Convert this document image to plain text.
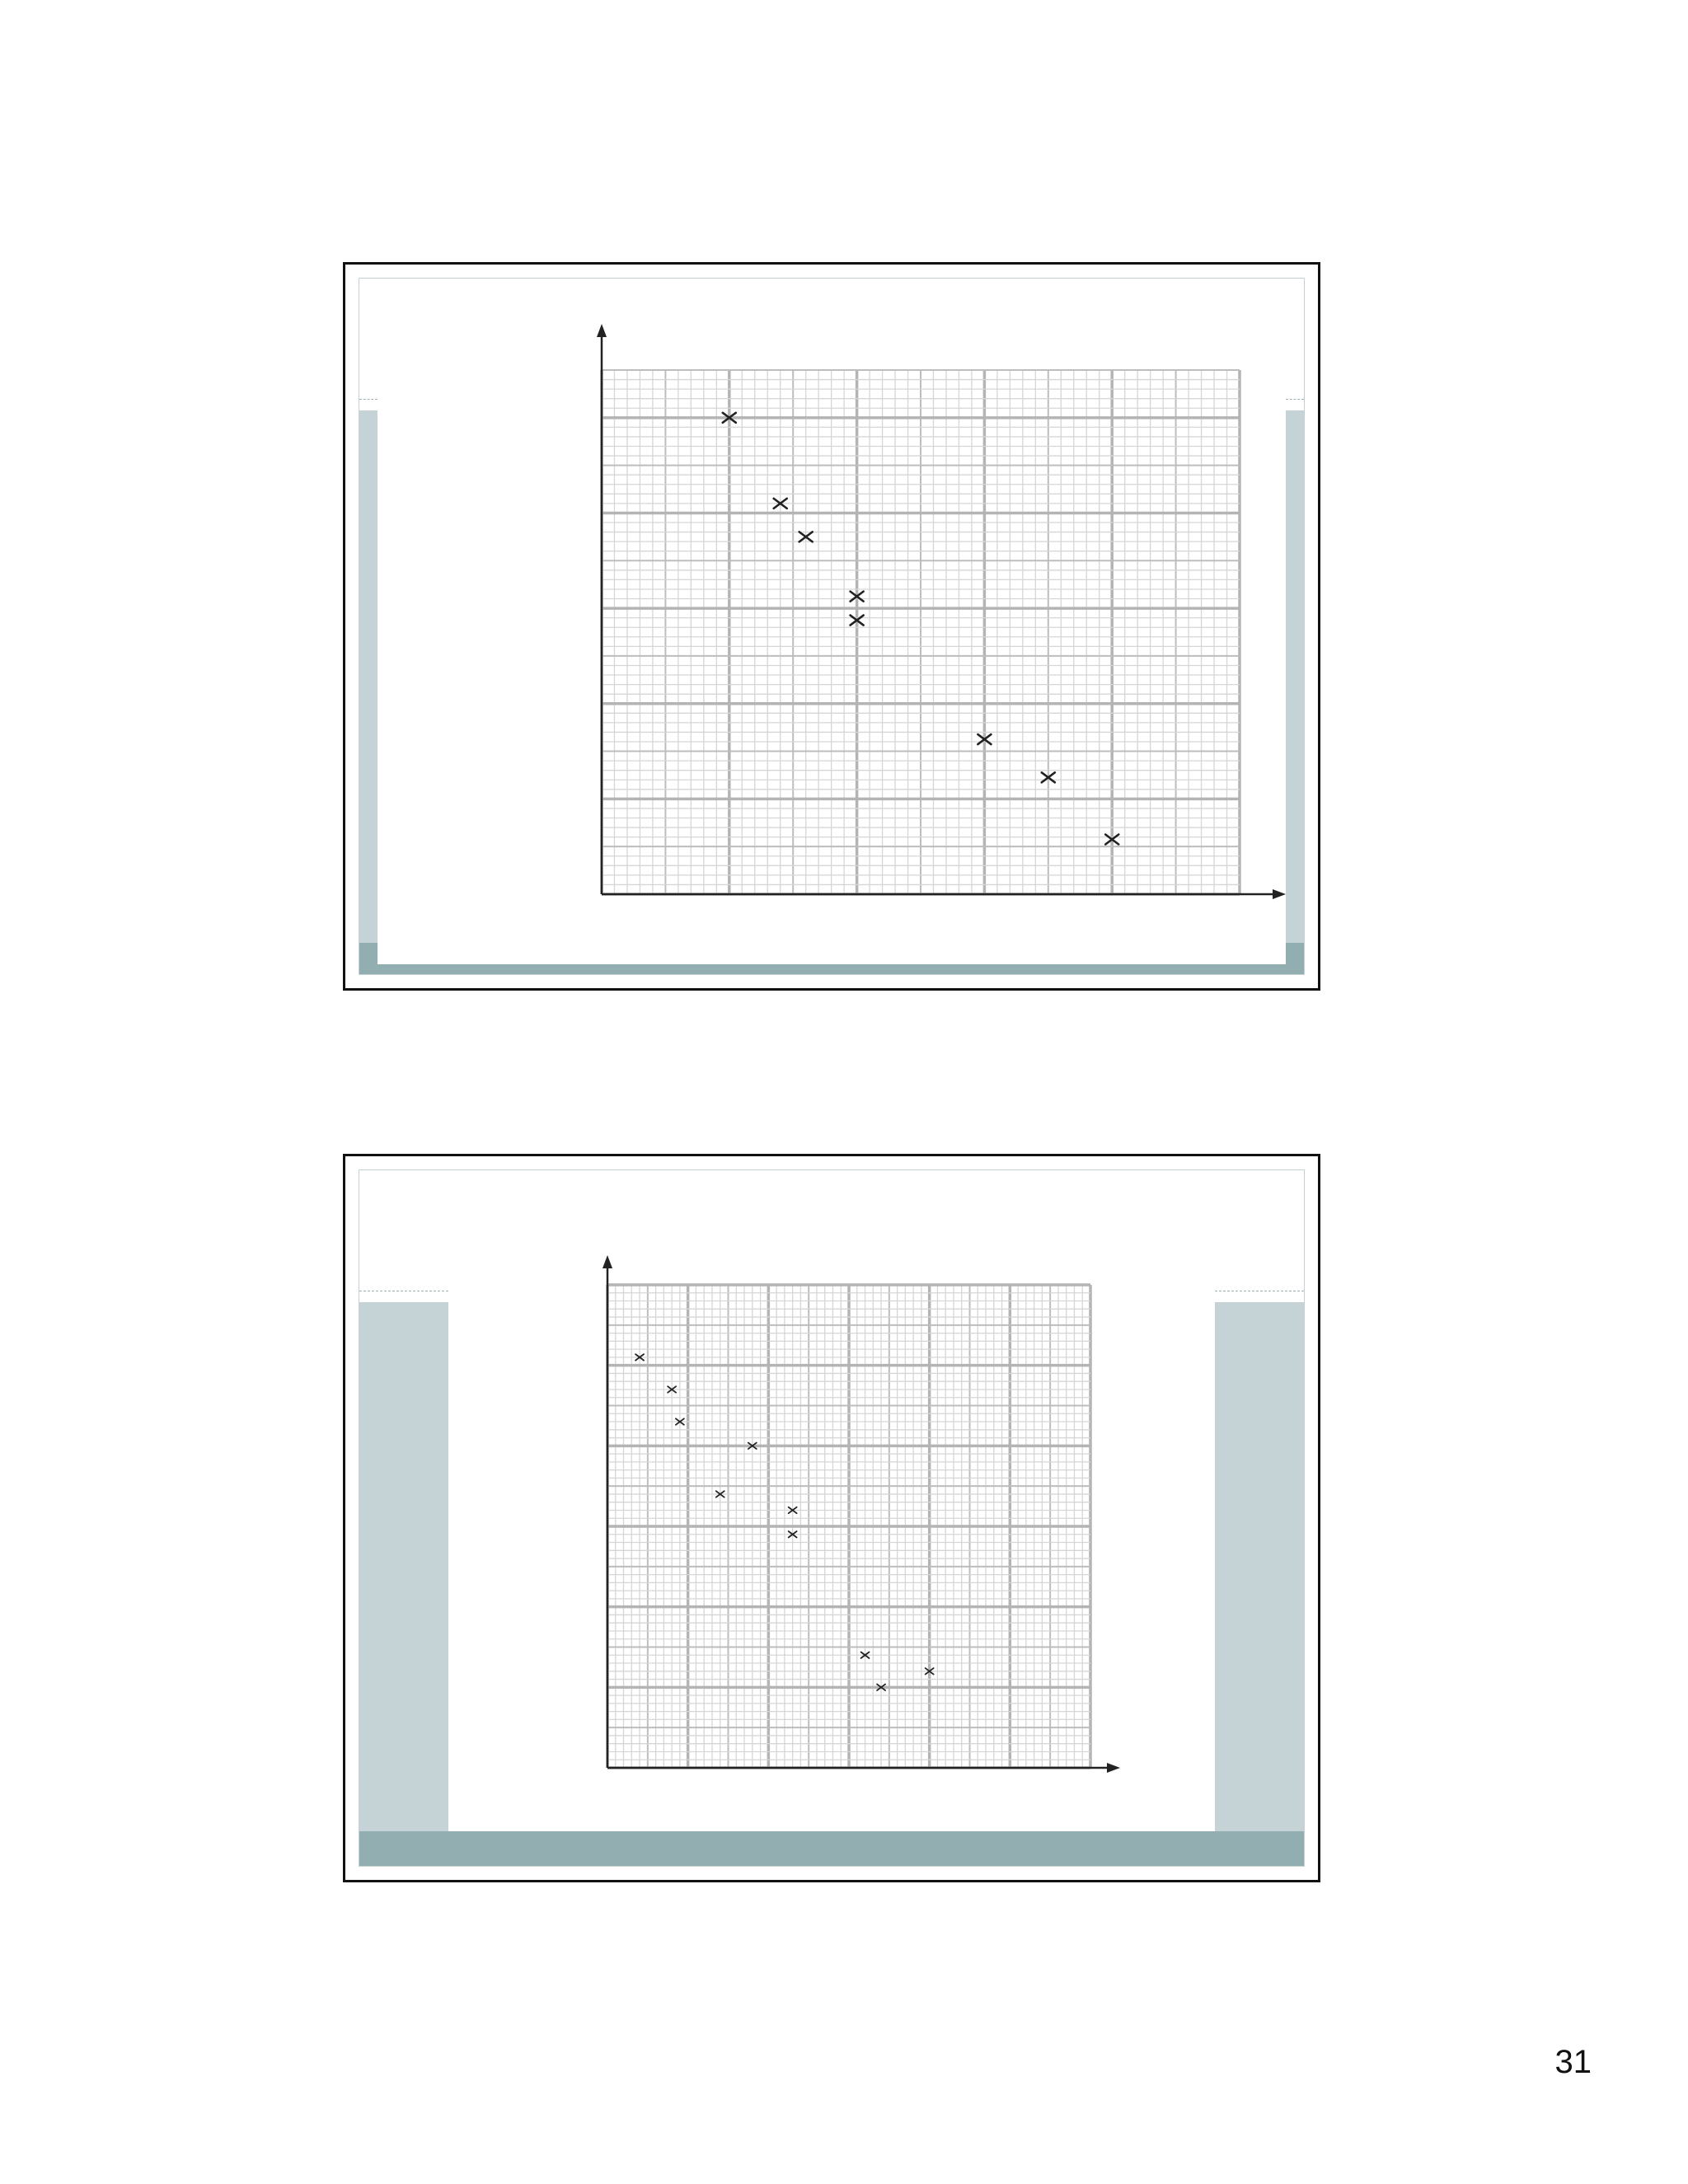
31
